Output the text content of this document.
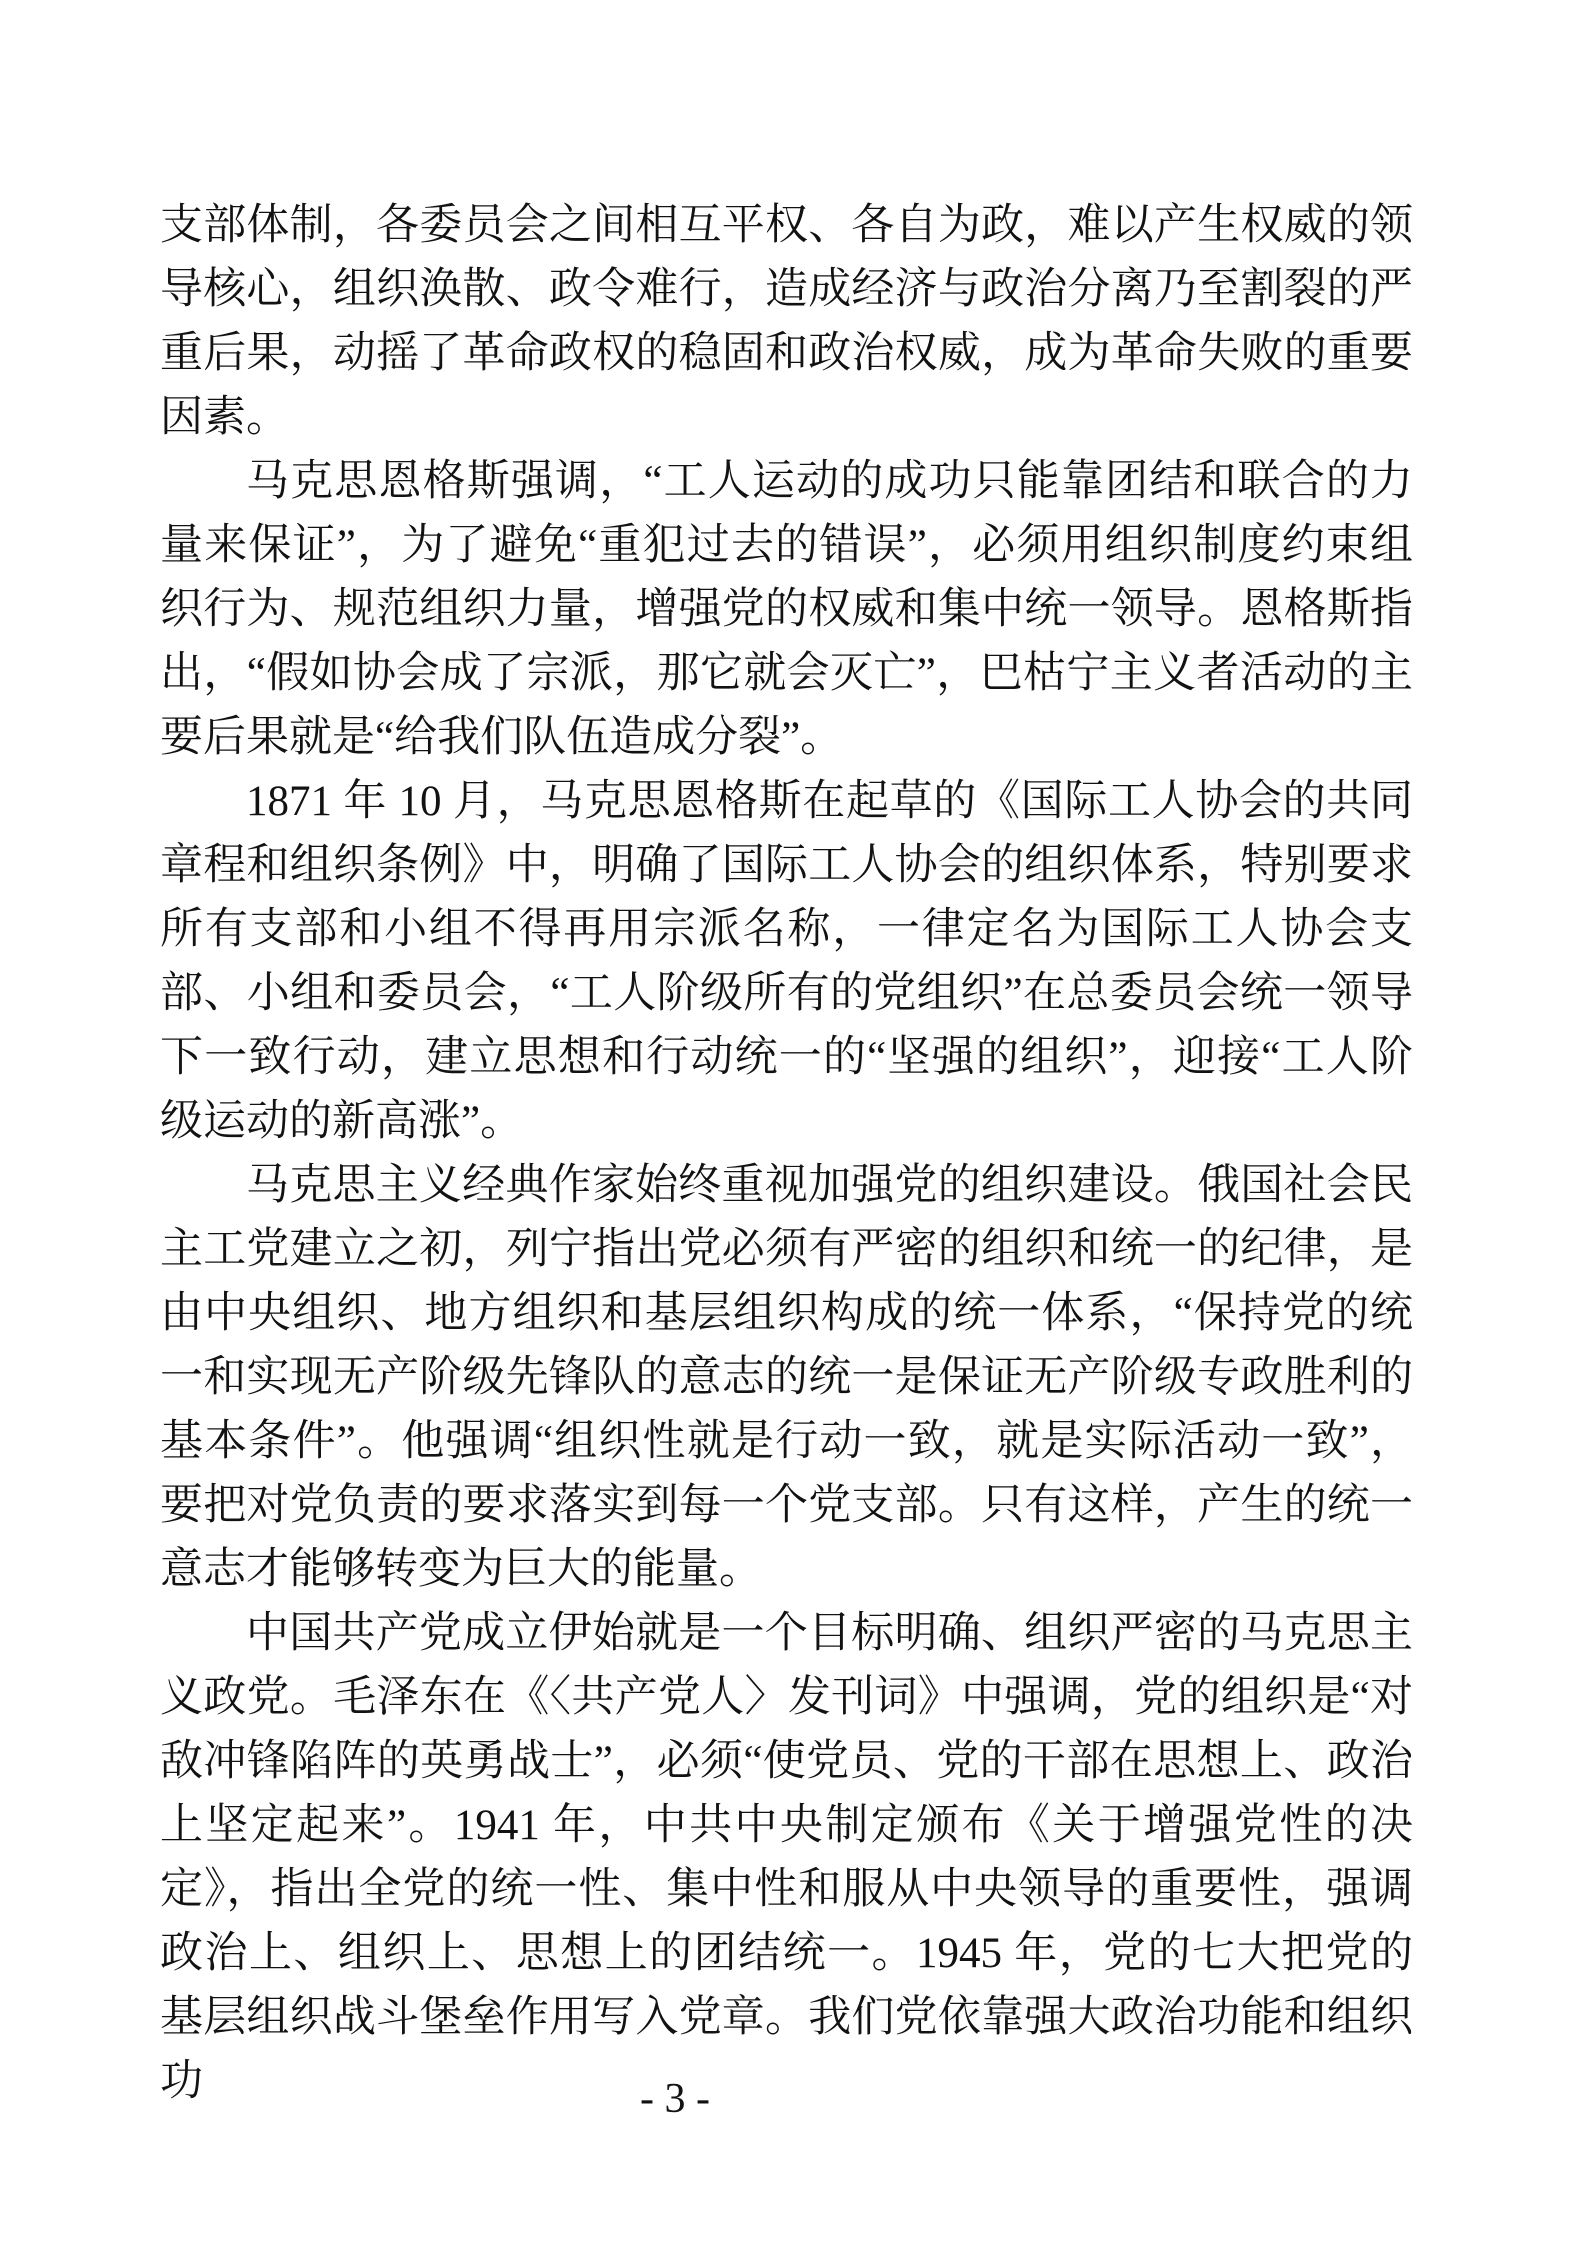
支部体制，各委员会之间相互平权、各自为政，难以产生权威的领导核心，组织涣散、政令难行，造成经济与政治分离乃至割裂的严重后果，动摇了革命政权的稳固和政治权威，成为革命失败的重要因素。

马克思恩格斯强调，“工人运动的成功只能靠团结和联合的力量来保证”，为了避免“重犯过去的错误”，必须用组织制度约束组织行为、规范组织力量，增强党的权威和集中统一领导。恩格斯指出，“假如协会成了宗派，那它就会灭亡”，巴枯宁主义者活动的主要后果就是“给我们队伍造成分裂”。

1871 年 10 月，马克思恩格斯在起草的《国际工人协会的共同章程和组织条例》中，明确了国际工人协会的组织体系，特别要求所有支部和小组不得再用宗派名称，一律定名为国际工人协会支部、小组和委员会，“工人阶级所有的党组织”在总委员会统一领导下一致行动，建立思想和行动统一的“坚强的组织”，迎接“工人阶级运动的新高涨”。

马克思主义经典作家始终重视加强党的组织建设。俄国社会民主工党建立之初，列宁指出党必须有严密的组织和统一的纪律，是由中央组织、地方组织和基层组织构成的统一体系，“保持党的统一和实现无产阶级先锋队的意志的统一是保证无产阶级专政胜利的基本条件”。他强调“组织性就是行动一致，就是实际活动一致”，要把对党负责的要求落实到每一个党支部。只有这样，产生的统一意志才能够转变为巨大的能量。

中国共产党成立伊始就是一个目标明确、组织严密的马克思主义政党。毛泽东在《〈共产党人〉发刊词》中强调，党的组织是“对敌冲锋陷阵的英勇战士”，必须“使党员、党的干部在思想上、政治上坚定起来”。1941 年，中共中央制定颁布《关于增强党性的决定》，指出全党的统一性、集中性和服从中央领导的重要性，强调政治上、组织上、思想上的团结统一。1945 年，党的七大把党的基层组织战斗堡垒作用写入党章。我们党依靠强大政治功能和组织功	- 3 -
